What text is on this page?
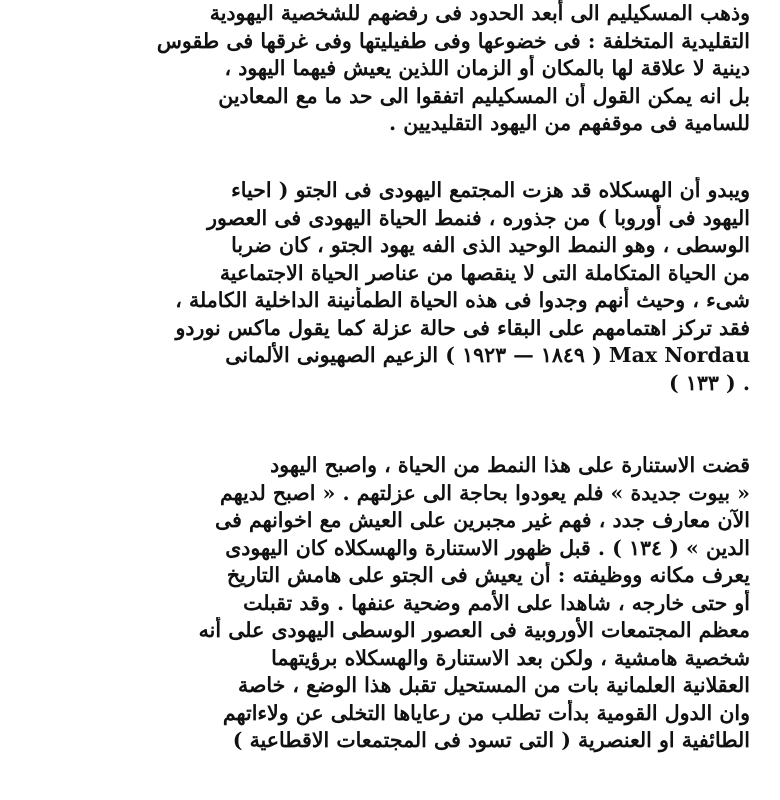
وذهب المسكيليم الى أبعد الحدود فى رفضهم للشخصية اليهودية
التقليدية المتخلفة : فى خضوعها وفى طفيليتها وفى غرقها فى طقوس
دينية لا علاقة لها بالمكان أو الزمان اللذين يعيش فيهما اليهود ،
بل انه يمكن القول أن المسكيليم اتفقوا الى حد ما مع المعادين
للسامية فى موقفهم من اليهود التقليديين .
ويبدو أن الهسكلاه قد هزت المجتمع اليهودى فى الجتو ( احياء
اليهود فى أوروبا ) من جذوره ، فنمط الحياة اليهودى فى العصور
الوسطى ، وهو النمط الوحيد الذى الفه يهود الجتو ، كان ضربا
من الحياة المتكاملة التى لا ينقصها من عناصر الحياة الاجتماعية
شىء ، وحيث أنهم وجدوا فى هذه الحياة الطمأنينة الداخلية الكاملة ،
فقد تركز اهتمامهم على البقاء فى حالة عزلة كما يقول ماكس نوردو
Max Nordau ( ١٨٤٩ — ١٩٢٣ ) الزعيم الصهيونى الألمانى
. ( ١٣٣ )
قضت الاستنارة على هذا النمط من الحياة ، واصبح اليهود
« بيوت جديدة » فلم يعودوا بحاجة الى عزلتهم . « اصبح لديهم
الآن معارف جدد ، فهم غير مجبرين على العيش مع اخوانهم فى
الدين » ( ١٣٤ ) . قبل ظهور الاستنارة والهسكلاه كان اليهودى
يعرف مكانه ووظيفته : أن يعيش فى الجتو على هامش التاريخ
أو حتى خارجه ، شاهدا على الأمم وضحية عنفها . وقد تقبلت
معظم المجتمعات الأوروبية فى العصور الوسطى اليهودى على أنه
شخصية هامشية ، ولكن بعد الاستنارة والهسكلاه برؤيتهما
العقلانية العلمانية بات من المستحيل تقبل هذا الوضع ، خاصة
وان الدول القومية بدأت تطلب من رعاياها التخلى عن ولاءاتهم
الطائفية او العنصرية ( التى تسود فى المجتمعات الاقطاعية )
